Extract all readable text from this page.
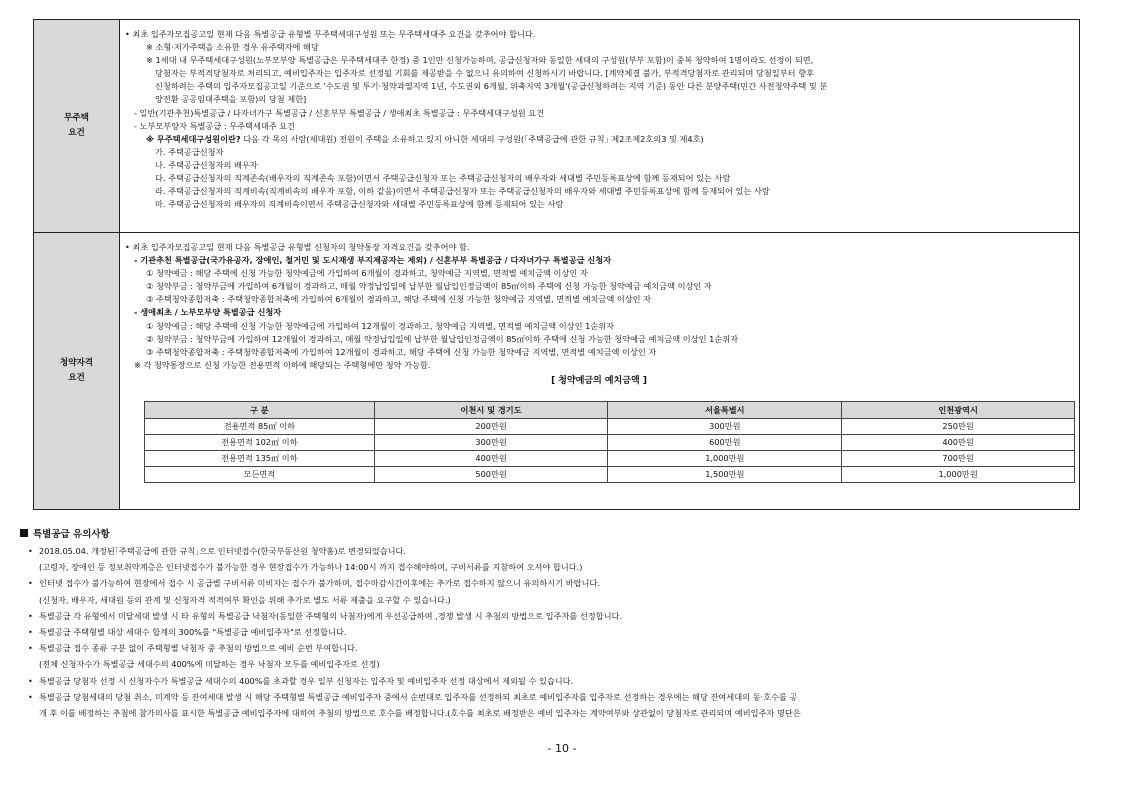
무주택
요건
• 최초 입주자모집공고일 현재 다음 특별공급 유형별 무주택세대구성원 또는 무주택세대주 요건을 갖추어야 합니다.
※ 소형·저가주택을 소유한 경우 유주택자에 해당
※ 1세대 내 무주택세대구성원(노부모부양 특별공급은 무주택세대주 한정) 중 1인만 신청가능하며, 공급신청자와 동일한 세대의 구성원(부부 포함)이 중복 청약하여 1명이라도 선정이 되면,
당첨자는 부적격당첨자로 처리되고, 예비입주자는 입주자로 선정될 기회를 제공받을 수 없으니 유의하여 신청하시기 바랍니다. [계약체결 불가, 부적격당첨자로 관리되며 당첨일부터 향후
신청하려는 주택의 입주자모집공고일 기준으로 '수도권 및 투기·청약과열지역 1년, 수도권외 6개월, 위축지역 3개월'(공급신청하려는 지역 기준) 동안 다른 분양주택(민간 사전청약주택 및 분
양전환 공공임대주택을 포함)의 당첨 제한]
- 일반(기관추천)특별공급 / 다자녀가구 특별공급 / 신혼부부 특별공급 / 생애최초 특별공급 : 무주택세대구성원 요건
- 노부모부양자 특별공급 : 무주택세대주 요건
※ 무주택세대구성원이란? 다음 각 목의 사람(세대원) 전원이 주택을 소유하고 있지 아니한 세대의 구성원(｢주택공급에 관한 규칙｣ 제2조제2호의3 및 제4호)
가. 주택공급신청자
나. 주택공급신청자의 배우자
다. 주택공급신청자의 직계존속(배우자의 직계존속 포함)이면서 주택공급신청자 또는 주택공급신청자의 배우자와 세대별 주민등록표상에 함께 등재되어 있는 사람
라. 주택공급신청자의 직계비속(직계비속의 배우자 포함, 이하 같음)이면서 주택공급신청자 또는 주택공급신청자의 배우자와 세대별 주민등록표상에 함께 등재되어 있는 사람
마. 주택공급신청자의 배우자의 직계비속이면서 주택공급신청자와 세대별 주민등록표상에 함께 등재되어 있는 사람
청약자격
요건
• 최초 입주자모집공고일 현재 다음 특별공급 유형별 신청자의 청약통장 자격요건을 갖추어야 함.
- 기관추천 특별공급(국가유공자, 장애인, 철거민 및 도시재생 부지제공자는 제외) / 신혼부부 특별공급 / 다자녀가구 특별공급 신청자
① 청약예금 : 해당 주택에 신청 가능한 청약예금에 가입하여 6개월이 경과하고, 청약예금 지역별, 면적별 예치금액 이상인 자
② 청약부금 : 청약부금에 가입하여 6개월이 경과하고, 매월 약정납입일에 납부한 월납입인정금액이 85㎡이하 주택에 신청 가능한 청약예금 예치금액 이상인 자
③ 주택청약종합저축 : 주택청약종합저축에 가입하여 6개월이 경과하고, 해당 주택에 신청 가능한 청약예금 지역별, 면적별 예치금액 이상인 자
- 생애최초 / 노부모부양 특별공급 신청자
① 청약예금 : 해당 주택에 신청 가능한 청약예금에 가입하여 12개월이 경과하고, 청약예금 지역별, 면적별 예치금액 이상인 1순위자
② 청약부금 : 청약부금에 가입하여 12개월이 경과하고, 매월 약정납입일에 납부한 월납입인정금액이 85㎡이하 주택에 신청 가능한 청약예금 예치금액 이상인 1순위자
③ 주택청약종합저축 : 주택청약종합저축에 가입하여 12개월이 경과하고, 해당 주택에 신청 가능한 청약예금 지역별, 면적별 예치금액 이상인 자
※ 각 청약통장으로 신청 가능한 전용면적 이하에 해당되는 주택형에만 청약 가능함.
[ 청약예금의 예치금액 ]
구 분	이천시 및 경기도	서울특별시	인천광역시
전용면적 85㎡ 이하	200만원	300만원	250만원
전용면적 102㎡ 이하	300만원	600만원	400만원
전용면적 135㎡ 이하	400만원	1,000만원	700만원
모든면적	500만원	1,500만원	1,000만원
특별공급 유의사항
• 2018.05.04. 개정된｢주택공급에 관한 규칙｣으로 인터넷접수(한국부동산원 청약홈)로 변경되었습니다.
(고령자, 장애인 등 정보취약계층은 인터넷접수가 불가능한 경우 현장접수가 가능하나 14:00시 까지 접수해야하며, 구비서류를 지참하여 오셔야 합니다.)
• 인터넷 접수가 불가능하여 현장에서 접수 시 공급별 구비서류 미비자는 접수가 불가하며, 접수마감시간이후에는 추가로 접수하지 않으니 유의하시기 바랍니다.
(신청자, 배우자, 세대원 등의 관계 및 신청자격 적격여부 확인을 위해 추가로 별도 서류 제출을 요구할 수 있습니다.)
• 특별공급 각 유형에서 미달세대 발생 시 타 유형의 특별공급 낙첨자(동일한 주택형의 낙첨자)에게 우선공급하며 ,경쟁 발생 시 추첨의 방법으로 입주자를 선정합니다.
• 특별공급 주택형별 대상 세대수 합계의 300%를 "특별공급 예비입주자"로 선정합니다.
• 특별공급 접수 종류 구분 없이 주택형별 낙첨자 중 추첨의 방법으로 예비 순번 부여합니다.
(전체 신청자수가 특별공급 세대수의 400%에 미달하는 경우 낙첨자 모두를 예비입주자로 선정)
• 특별공급 당첨자 선정 시 신청자수가 특별공급 세대수의 400%를 초과할 경우 일부 신청자는 입주자 및 예비입주자 선정 대상에서 제외될 수 있습니다.
• 특별공급 당첨세대의 당첨 취소, 미계약 등 잔여세대 발생 시 해당 주택형별 특별공급 예비입주자 중에서 순번대로 입주자를 선정하되 최초로 예비입주자를 입주자로 선정하는 경우에는 해당 잔여세대의 동·호수를 공
개 후 이를 배정하는 추첨에 참가의사를 표시한 특별공급 예비입주자에 대하여 추첨의 방법으로 호수를 배정합니다.(호수를 최초로 배정받은 예비 입주자는 계약여부와 상관없이 당첨자로 관리되며 예비입주자 명단은
- 10 -
